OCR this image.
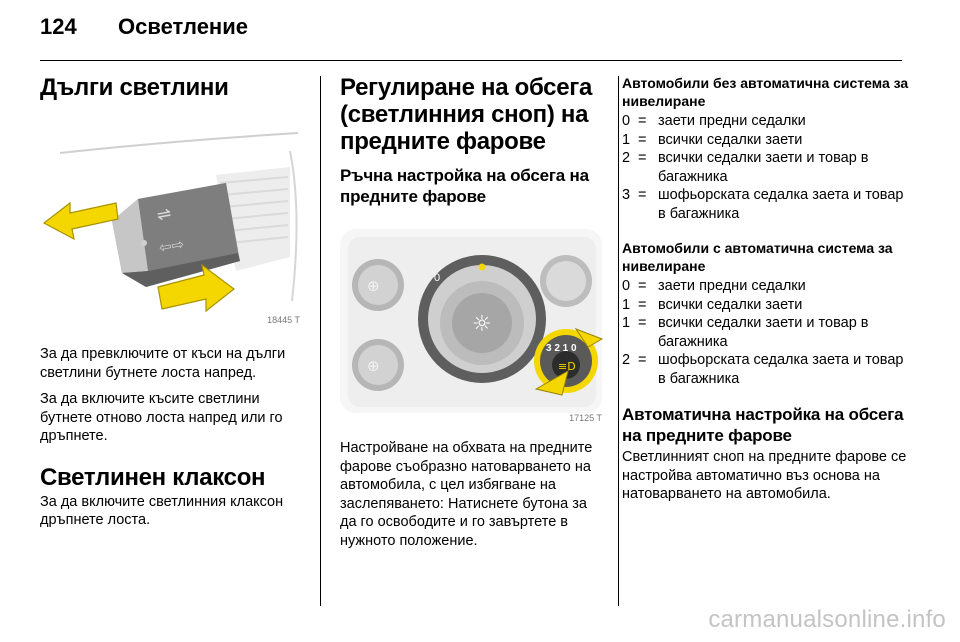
124 Осветление
Дълги светлини
⇌
⇦⇨
18445 T

За да превключите от къси на дълги светлини бутнете лоста напред.

За да включите късите светлини бутнете отново лоста напред или го дръпнете.

Светлинен клаксон

За да включите светлинния клаксон дръпнете лоста.

Регулиране на обсега (светлинния сноп) на предните фарове
Ръчна настройка на обсега на предните фарове
⊕
⊕
☼
0
≡D
3 2 1 0
17125 T

Настройване на обхвата на предните фарове съобразно натоварването на автомобила, с цел избягване на заслепяването: Натиснете бутона за да го освободите и го завъртете в нужното положение.

Автомобили без автоматична система за нивелиране
0 = заети предни седалки
1 = всички седалки заети
2 = всички седалки заети и товар в багажника
3 = шофьорската седалка заета и товар в багажника
Автомобили с автоматична система за нивелиране
0 = заети предни седалки
1 = всички седалки заети
1 = всички седалки заети и товар в багажника
2 = шофьорската седалка заета и товар в багажника
Автоматична настройка на обсега на предните фарове

Светлинният сноп на предните фарове се настройва автоматично въз основа на натоварването на автомобила.

carmanualsonline.info
